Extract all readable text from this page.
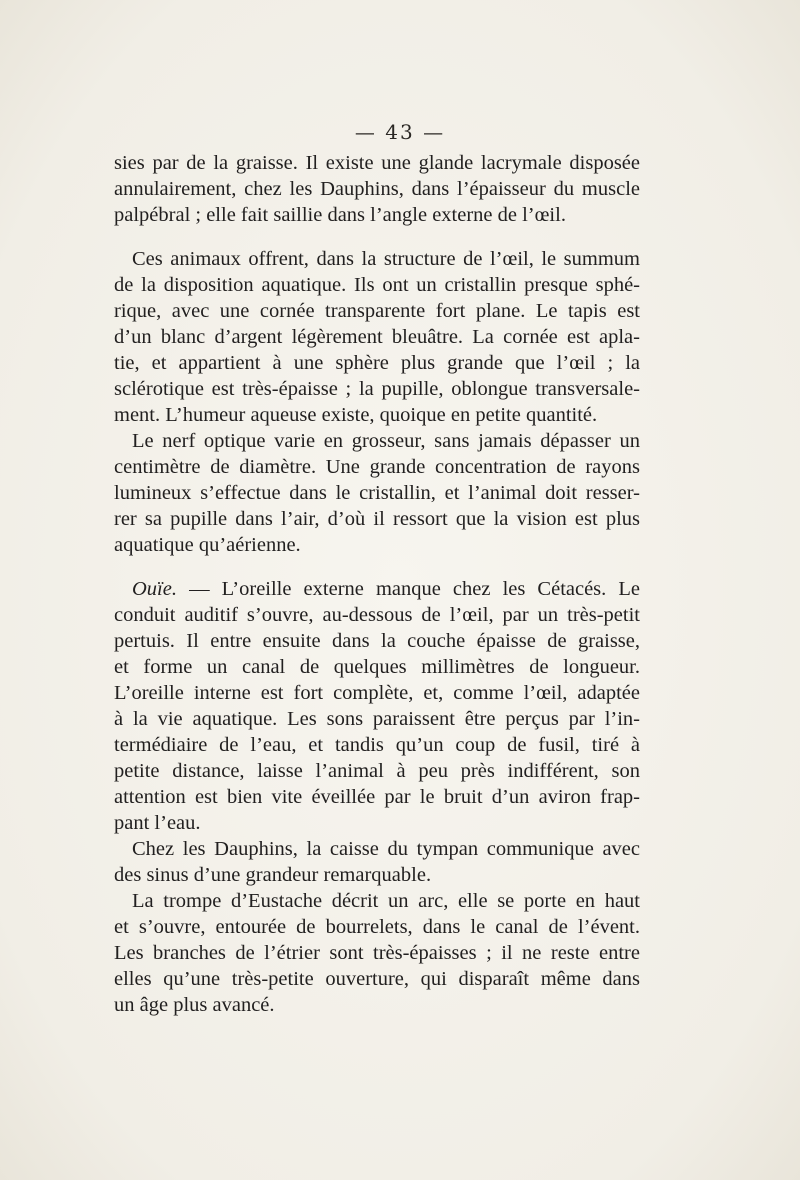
— 43 —
sies par de la graisse. Il existe une glande lacrymale disposée
annulairement, chez les Dauphins, dans l’épaisseur du muscle
palpébral ; elle fait saillie dans l’angle externe de l’œil.
Ces animaux offrent, dans la structure de l’œil, le summum
de la disposition aquatique. Ils ont un cristallin presque sphé-
rique, avec une cornée transparente fort plane. Le tapis est
d’un blanc d’argent légèrement bleuâtre. La cornée est apla-
tie, et appartient à une sphère plus grande que l’œil ; la
sclérotique est très-épaisse ; la pupille, oblongue transversale-
ment. L’humeur aqueuse existe, quoique en petite quantité.
Le nerf optique varie en grosseur, sans jamais dépasser un
centimètre de diamètre. Une grande concentration de rayons
lumineux s’effectue dans le cristallin, et l’animal doit resser-
rer sa pupille dans l’air, d’où il ressort que la vision est plus
aquatique qu’aérienne.
Ouïe. — L’oreille externe manque chez les Cétacés. Le
conduit auditif s’ouvre, au-dessous de l’œil, par un très-petit
pertuis. Il entre ensuite dans la couche épaisse de graisse,
et forme un canal de quelques millimètres de longueur.
L’oreille interne est fort complète, et, comme l’œil, adaptée
à la vie aquatique. Les sons paraissent être perçus par l’in-
termédiaire de l’eau, et tandis qu’un coup de fusil, tiré à
petite distance, laisse l’animal à peu près indifférent, son
attention est bien vite éveillée par le bruit d’un aviron frap-
pant l’eau.
Chez les Dauphins, la caisse du tympan communique avec
des sinus d’une grandeur remarquable.
La trompe d’Eustache décrit un arc, elle se porte en haut
et s’ouvre, entourée de bourrelets, dans le canal de l’évent.
Les branches de l’étrier sont très-épaisses ; il ne reste entre
elles qu’une très-petite ouverture, qui disparaît même dans
un âge plus avancé.
